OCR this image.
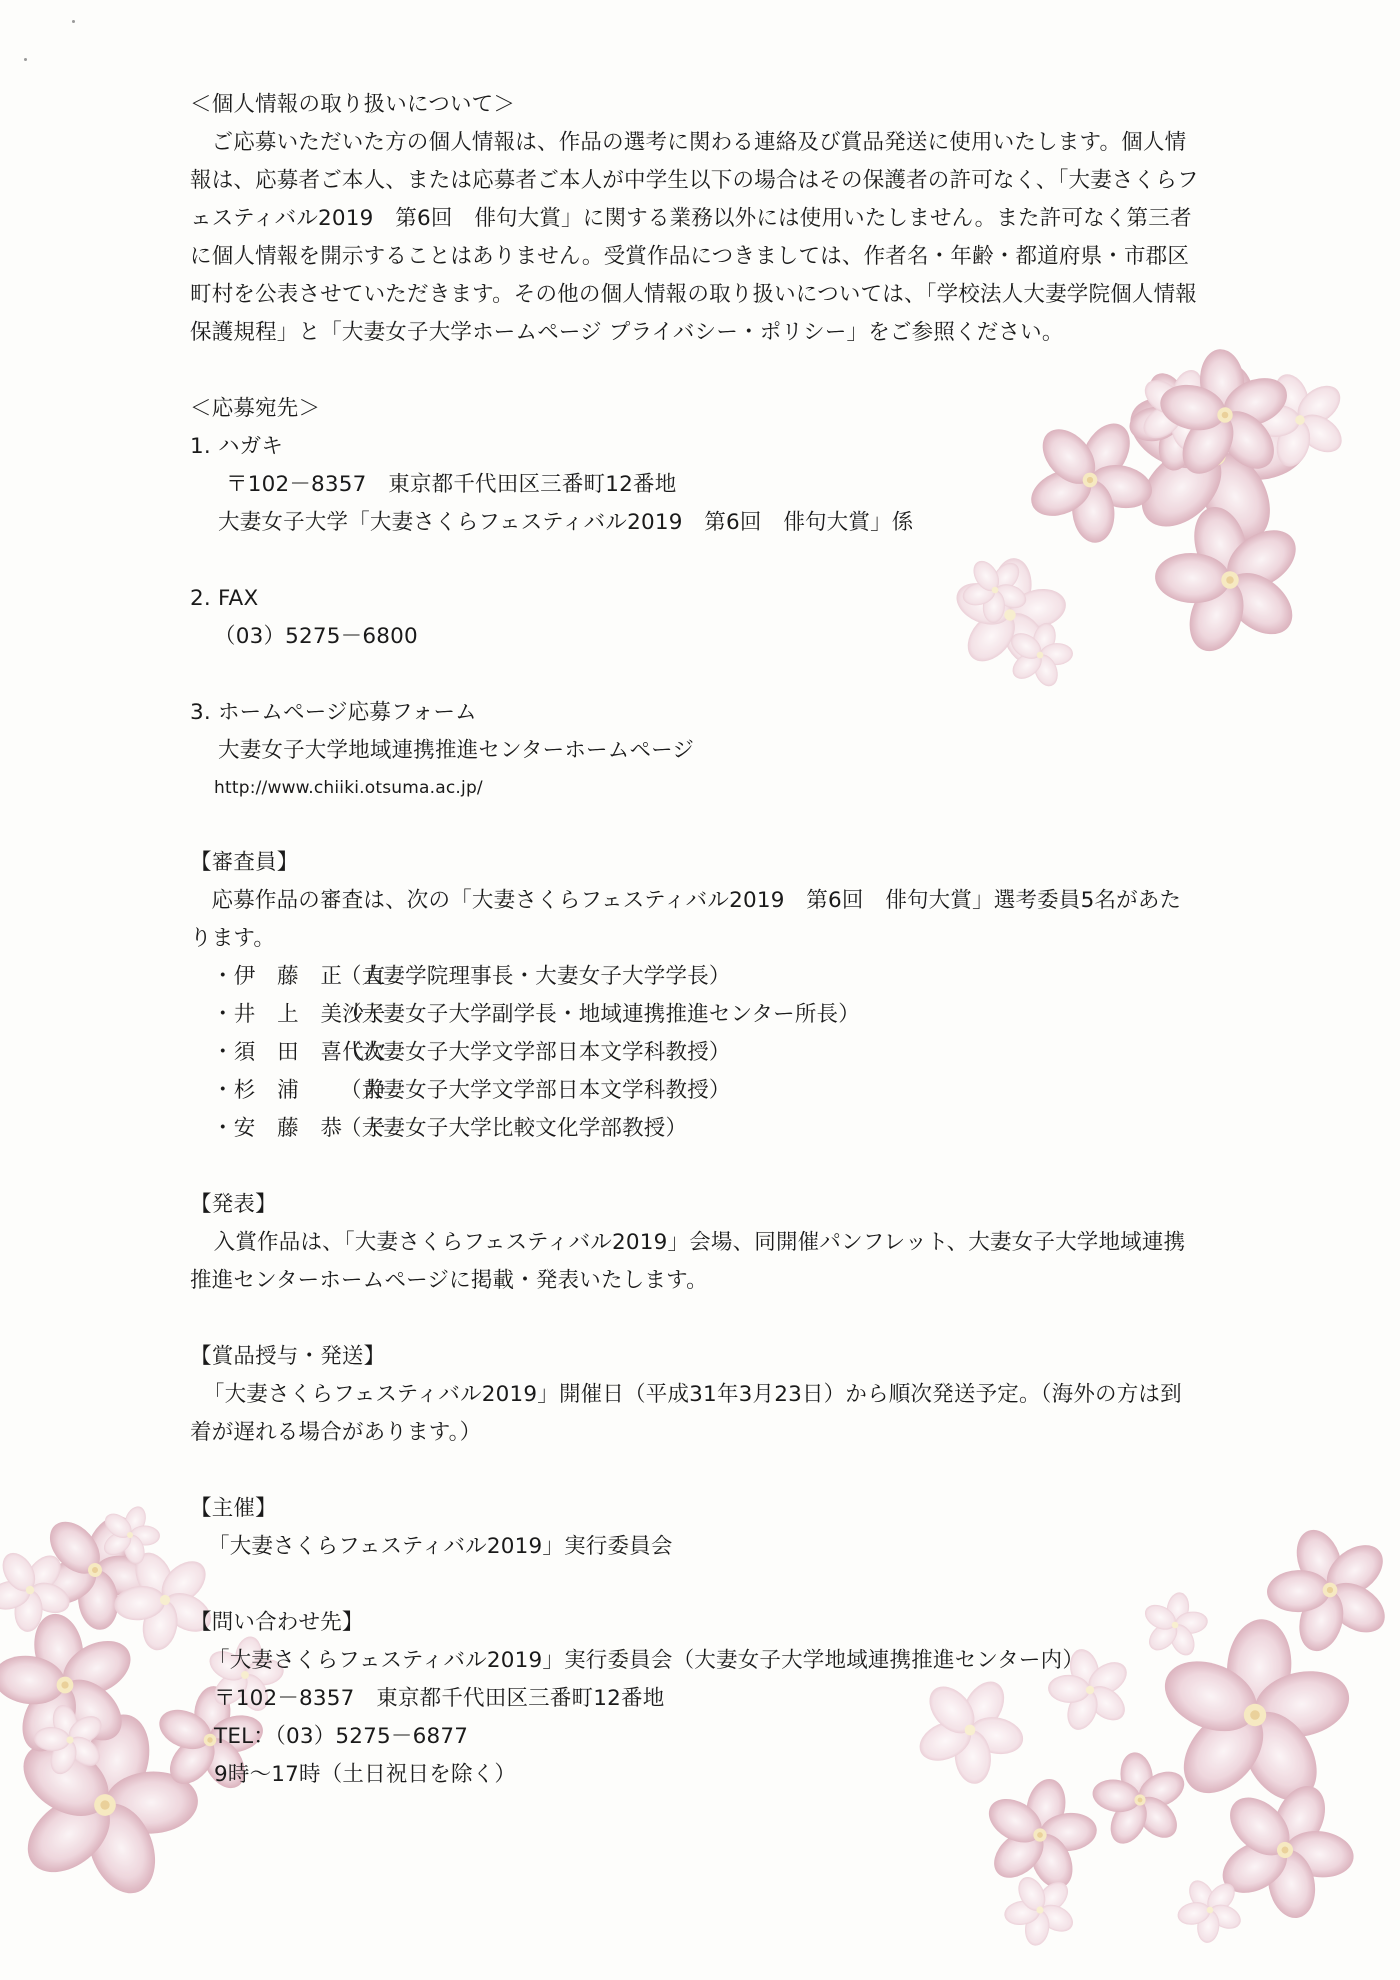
＜個人情報の取り扱いについて＞

ご応募いただいた方の個人情報は、作品の選考に関わる連絡及び賞品発送に使用いたします。個人情報は、応募者ご本人、または応募者ご本人が中学生以下の場合はその保護者の許可なく、「大妻さくらフェスティバル2019　第6回　俳句大賞」に関する業務以外には使用いたしません。また許可なく第三者に個人情報を開示することはありません。受賞作品につきましては、作者名・年齢・都道府県・市郡区町村を公表させていただきます。その他の個人情報の取り扱いについては、「学校法人大妻学院個人情報保護規程」と「大妻女子大学ホームページ プライバシー・ポリシー」をご参照ください。

＜応募宛先＞

1. ハガキ

〒102－8357　東京都千代田区三番町12番地

大妻女子大学「大妻さくらフェスティバル2019　第6回　俳句大賞」係

2. FAX

（03）5275－6800

3. ホームページ応募フォーム

大妻女子大学地域連携推進センターホームページ

http://www.chiiki.otsuma.ac.jp/

【審査員】

応募作品の審査は、次の「大妻さくらフェスティバル2019　第6回　俳句大賞」選考委員5名があたります。

・伊　藤　正　直
（大妻学院理事長・大妻女子大学学長）
・井　上　美沙子
（大妻女子大学副学長・地域連携推進センター所長）
・須　田　喜代次
（大妻女子大学文学部日本文学科教授）
・杉　浦　　　静
（大妻女子大学文学部日本文学科教授）
・安　藤　恭　子
（大妻女子大学比較文化学部教授）

【発表】

入賞作品は、「大妻さくらフェスティバル2019」会場、同開催パンフレット、大妻女子大学地域連携推進センターホームページに掲載・発表いたします。

【賞品授与・発送】

「大妻さくらフェスティバル2019」開催日（平成31年3月23日）から順次発送予定。（海外の方は到着が遅れる場合があります。）

【主催】

「大妻さくらフェスティバル2019」実行委員会

【問い合わせ先】

「大妻さくらフェスティバル2019」実行委員会（大妻女子大学地域連携推進センター内）

〒102－8357　東京都千代田区三番町12番地

TEL：（03）5275－6877

9時～17時（土日祝日を除く）
